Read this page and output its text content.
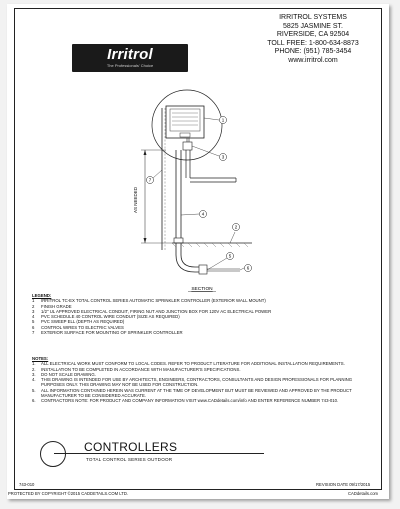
Irritrol
The Professionals' Choice
IRRITROL SYSTEMS
5825 JASMINE ST.
RIVERSIDE, CA 92504
TOLL FREE: 1-800-634-8873
PHONE: (951) 785-3454
www.irritrol.com
AS NEEDED
1
2
3
4
5
6
7
SECTION
LEGEND:
1	IRRITROL TC-EX TOTAL CONTROL SERIES AUTOMATIC SPRINKLER CONTROLLER (EXTERIOR WALL MOUNT)
2	FINISH GRADE
3	1/2" UL APPROVED ELECTRICAL CONDUIT, FIRING NUT AND JUNCTION BOX FOR 120V AC ELECTRICAL POWER
4	PVC SCHEDULE 40 CONTROL WIRE CONDUIT (SIZE AS REQUIRED)
5	PVC SWEEP ELL (DEPTH AS REQUIRED)
6	CONTROL WIRES TO ELECTRIC VALVES
7	EXTERIOR SURFACE FOR MOUNTING OF SPRINKLER CONTROLLER
NOTES:
1.	ALL ELECTRICAL WORK MUST CONFORM TO LOCAL CODES. REFER TO PRODUCT LITERATURE FOR ADDITIONAL INSTALLATION REQUIREMENTS.
2.	INSTALLATION TO BE COMPLETED IN ACCORDANCE WITH MANUFACTURER'S SPECIFICATIONS.
3.	DO NOT SCALE DRAWING.
4.	THIS DRAWING IS INTENDED FOR USE BY ARCHITECTS, ENGINEERS, CONTRACTORS, CONSULTANTS AND DESIGN PROFESSIONALS FOR PLANNING PURPOSES ONLY. THIS DRAWING MAY NOT BE USED FOR CONSTRUCTION.
5.	ALL INFORMATION CONTAINED HEREIN WAS CURRENT AT THE TIME OF DEVELOPMENT BUT MUST BE REVIEWED AND APPROVED BY THE PRODUCT MANUFACTURER TO BE CONSIDERED ACCURATE.
6.	CONTRACTORS NOTE: FOR PRODUCT AND COMPANY INFORMATION VISIT www.CADdetails.com/info AND ENTER REFERENCE NUMBER 743-010.
CONTROLLERS
TOTAL CONTROL SERIES OUTDOOR
743-010	REVISION DATE 09/17/2015
PROTECTED BY COPYRIGHT ©2015 CADDETAILS.COM LTD.	CADdetails.com
